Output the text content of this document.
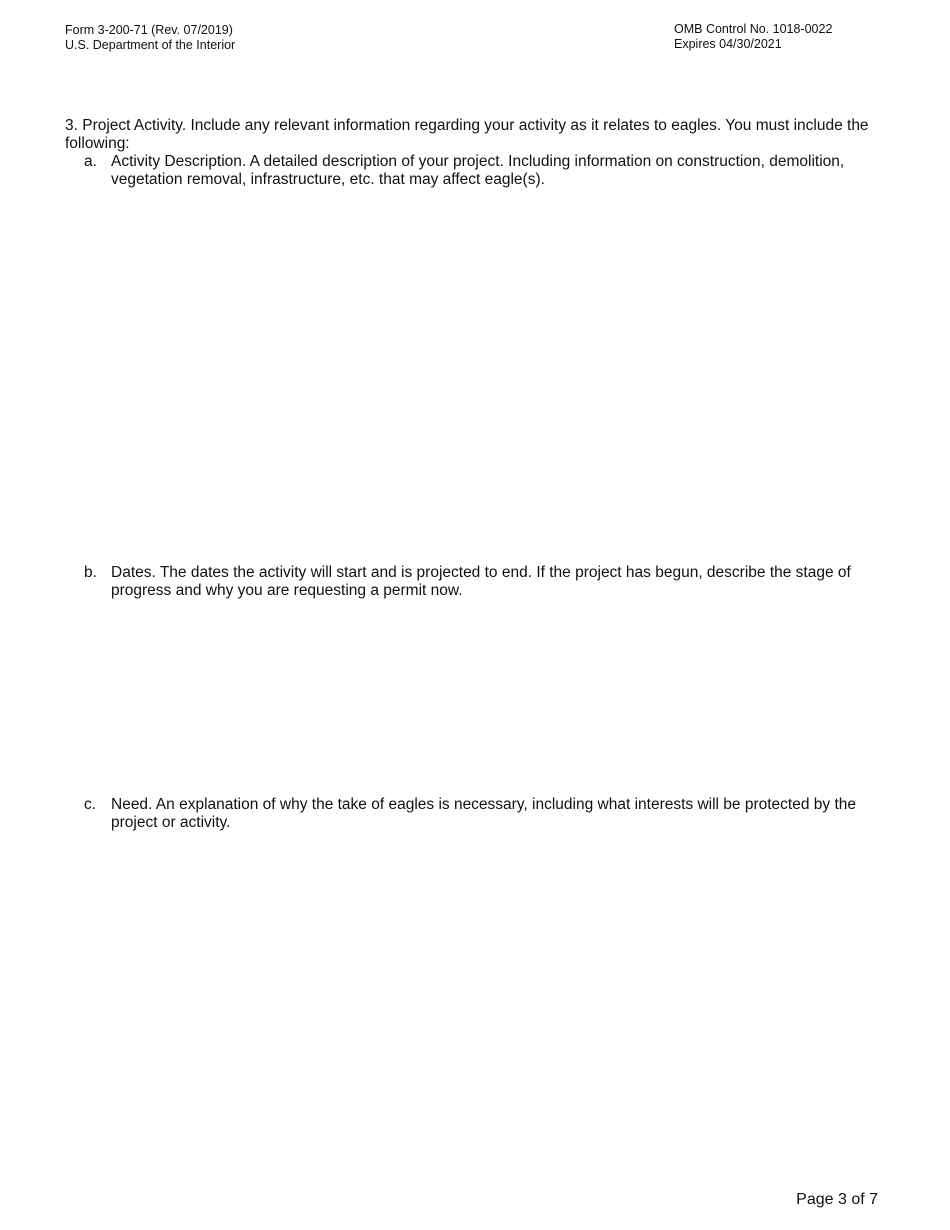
Form 3-200-71 (Rev. 07/2019)
U.S. Department of the Interior
OMB Control No. 1018-0022
Expires 04/30/2021
3. Project Activity. Include any relevant information regarding your activity as it relates to eagles. You must include the following:
a. Activity Description. A detailed description of your project. Including information on construction, demolition, vegetation removal, infrastructure, etc. that may affect eagle(s).
b. Dates. The dates the activity will start and is projected to end. If the project has begun, describe the stage of progress and why you are requesting a permit now.
c. Need. An explanation of why the take of eagles is necessary, including what interests will be protected by the project or activity.
Page 3 of 7
